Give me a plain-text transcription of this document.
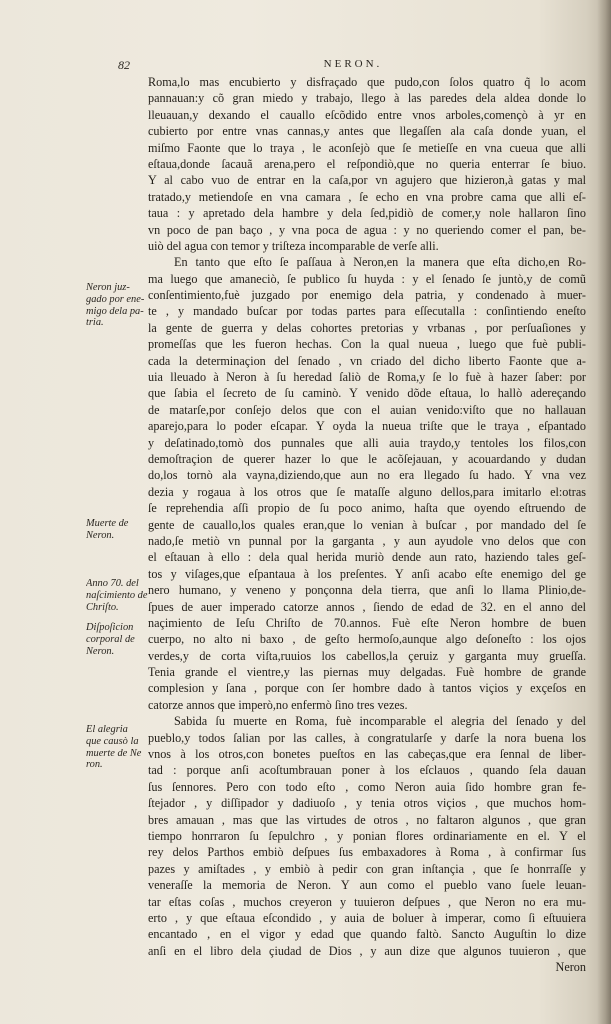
82	NERON.
Roma,lo mas encubierto y disfraçado que pudo,con ſolos quatro q̃ lo acom
pannauan:y cõ gran miedo y trabajo, llego à las paredes dela aldea donde lo
lleuauan,y dexando el cauallo eſcõdido entre vnos arboles,començò à yr en
cubierto por entre vnas cannas,y antes que llegaſſen ala caſa donde yuan, el
miſmo Faonte que lo traya , le aconſejò que ſe metieſſe en vna cueua que alli
eſtaua,donde ſacauã arena,pero el reſpondiò,que no queria enterrar ſe biuo.
Y al cabo vuo de entrar en la caſa,por vn agujero que hizieron,à gatas y mal
tratado,y metiendoſe en vna camara , ſe echo en vna probre cama que alli eſ-
taua : y apretado dela hambre y dela ſed,pidiò de comer,y nole hallaron ſino
vn poco de pan baço , y vna poca de agua : y no queriendo comer el pan, be-
uiò del agua con temor y triſteza incomparable de verſe alli.
En tanto que eſto ſe paſſaua à Neron,en la manera que eſta dicho,en Ro-
ma luego que amaneciò, ſe publico ſu huyda : y el ſenado ſe juntò,y de comũ
conſentimiento,fuè juzgado por enemigo dela patria, y condenado à muer-
te , y mandado buſcar por todas partes para eſſecutalla : conſintiendo eneſto
la gente de guerra y delas cohortes pretorias y vrbanas , por perſuaſiones y
promeſſas que les fueron hechas. Con la qual nueua , luego que fuè publi-
cada la determinaçion del ſenado , vn criado del dicho liberto Faonte que a-
uia lleuado à Neron à ſu heredad ſaliò de Roma,y ſe lo fuè à hazer ſaber: por
que ſabia el ſecreto de ſu caminò. Y venido dõde eſtaua, lo hallò adereçando
de matarſe,por conſejo delos que con el auian venido:viſto que no hallauan
aparejo,para lo poder eſcapar. Y oyda la nueua triſte que le traya , eſpantado
y deſatinado,tomò dos punnales que alli auia traydo,y tentoles los filos,con
demoſtraçion de querer hazer lo que le acõſejauan, y acouardando y dudan
do,los tornò ala vayna,diziendo,que aun no era llegado ſu hado. Y vna vez
dezia y rogaua à los otros que ſe mataſſe alguno dellos,para imitarlo el:otras
ſe reprehendia aſſi propio de ſu poco animo, haſta que oyendo eſtruendo de
gente de cauallo,los quales eran,que lo venian à buſcar , por mandado del ſe
nado,ſe metiò vn punnal por la garganta , y aun ayudole vno delos que con
el eſtauan à ello : dela qual herida muriò dende aun rato, haziendo tales geſ-
tos y viſages,que eſpantaua à los preſentes. Y anſi acabo eſte enemigo del ge
nero humano, y veneno y ponçonna dela tierra, que anſi lo llama Plinio,de-
ſpues de auer imperado catorze annos , ſiendo de edad de 32. en el anno del
naçimiento de Ieſu Chriſto de 70.annos. Fuè eſte Neron hombre de buen
cuerpo, no alto ni baxo , de geſto hermoſo,aunque algo deſoneſto : los ojos
verdes,y de corta viſta,ruuios los cabellos,la çeruiz y garganta muy grueſſa.
Tenia grande el vientre,y las piernas muy delgadas. Fuè hombre de grande
complesion y ſana , porque con ſer hombre dado à tantos viçios y exçeſos en
catorze annos que imperò,no enfermò ſino tres vezes.
Sabida ſu muerte en Roma, fuè incomparable el alegria del ſenado y del
pueblo,y todos ſalian por las calles, à congratularſe y darſe la nora buena los
vnos à los otros,con bonetes pueſtos en las cabeças,que era ſennal de liber-
tad : porque anſi acoſtumbrauan poner à los eſclauos , quando ſela dauan
ſus ſennores. Pero con todo eſto , como Neron auia ſido hombre gran fe-
ſtejador , y diſſipador y dadiuoſo , y tenia otros viçios , que muchos hom-
bres amauan , mas que las virtudes de otros , no faltaron algunos , que gran
tiempo honrraron ſu ſepulchro , y ponian flores ordinariamente en el. Y el
rey delos Parthos embiò deſpues ſus embaxadores à Roma , à confirmar ſus
pazes y amiſtades , y embiò à pedir con gran inſtançia , que ſe honrraſſe y
veneraſſe la memoria de Neron. Y aun como el pueblo vano ſuele leuan-
tar eſtas coſas , muchos creyeron y tuuieron deſpues , que Neron no era mu-
erto , y que eſtaua eſcondido , y auia de boluer à imperar, como ſi eſtuuiera
encantado , en el vigor y edad que quando faltò. Sancto Auguſtin lo dize
anſi en el libro dela çiudad de Dios , y aun dize que algunos tuuieron , que
Neron
Neron juz-
gado por ene-
migo dela pa-
tria.
Muerte de
Neron.
Anno 70. del
naſcimiento de
Chriſto.
Diſpoſicion
corporal de
Neron.
El alegria
que causò la
muerte de Ne
ron.
